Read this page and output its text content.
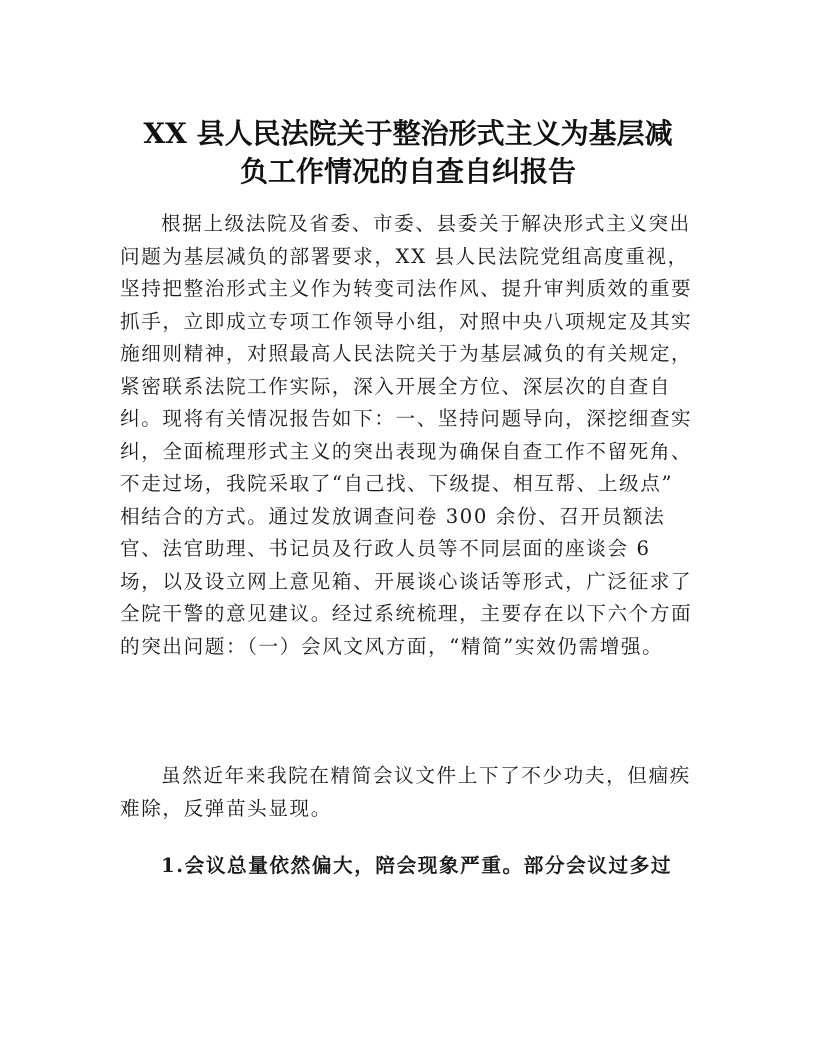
XX 县人民法院关于整治形式主义为基层减
负工作情况的自查自纠报告
根据上级法院及省委、市委、县委关于解决形式主义突出
问题为基层减负的部署要求，XX 县人民法院党组高度重视，
坚持把整治形式主义作为转变司法作风、提升审判质效的重要
抓手，立即成立专项工作领导小组，对照中央八项规定及其实
施细则精神，对照最高人民法院关于为基层减负的有关规定，
紧密联系法院工作实际，深入开展全方位、深层次的自查自
纠。现将有关情况报告如下：一、坚持问题导向，深挖细查实
纠，全面梳理形式主义的突出表现为确保自查工作不留死角、
不走过场，我院采取了“自己找、下级提、相互帮、上级点”
相结合的方式。通过发放调查问卷 300 余份、召开员额法
官、法官助理、书记员及行政人员等不同层面的座谈会 6
场，以及设立网上意见箱、开展谈心谈话等形式，广泛征求了
全院干警的意见建议。经过系统梳理，主要存在以下六个方面
的突出问题：（一）会风文风方面，“精简”实效仍需增强。
虽然近年来我院在精简会议文件上下了不少功夫，但痼疾
难除，反弹苗头显现。
1.会议总量依然偏大，陪会现象严重。部分会议过多过
